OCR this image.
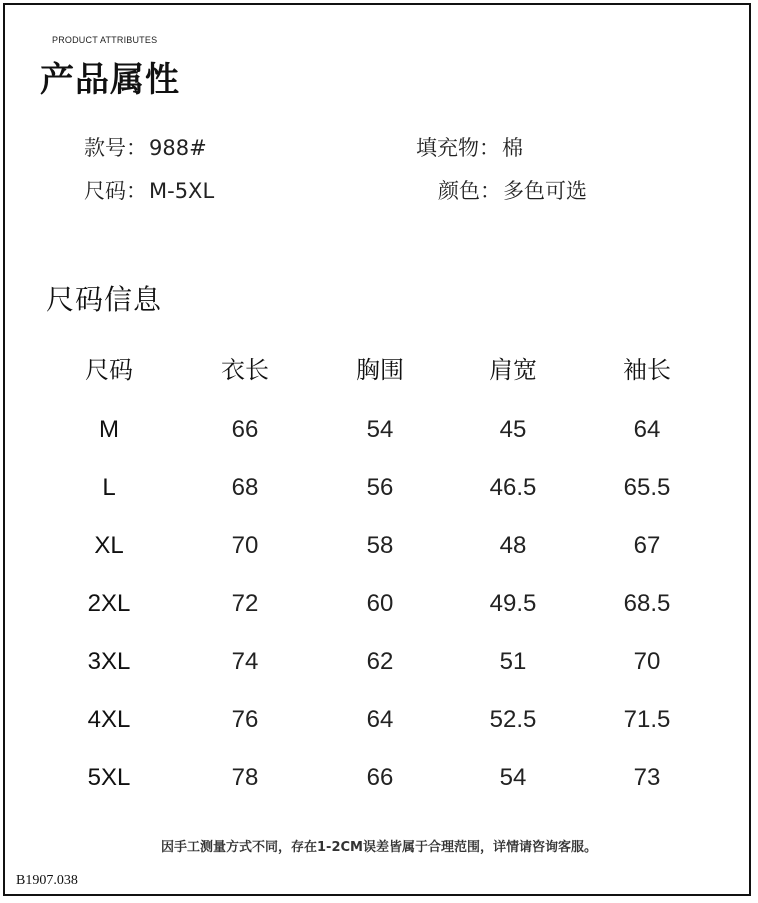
PRODUCT ATTRIBUTES
产品属性
款号：988#	填充物：棉
尺码：M-5XL	颜色：多色可选
尺码信息
尺码	衣长	胸围	肩宽	袖长
M	66	54	45	64
L	68	56	46.5	65.5
XL	70	58	48	67
2XL	72	60	49.5	68.5
3XL	74	62	51	70
4XL	76	64	52.5	71.5
5XL	78	66	54	73
因手工测量方式不同，存在1-2CM误差皆属于合理范围，详情请咨询客服。
B1907.038
